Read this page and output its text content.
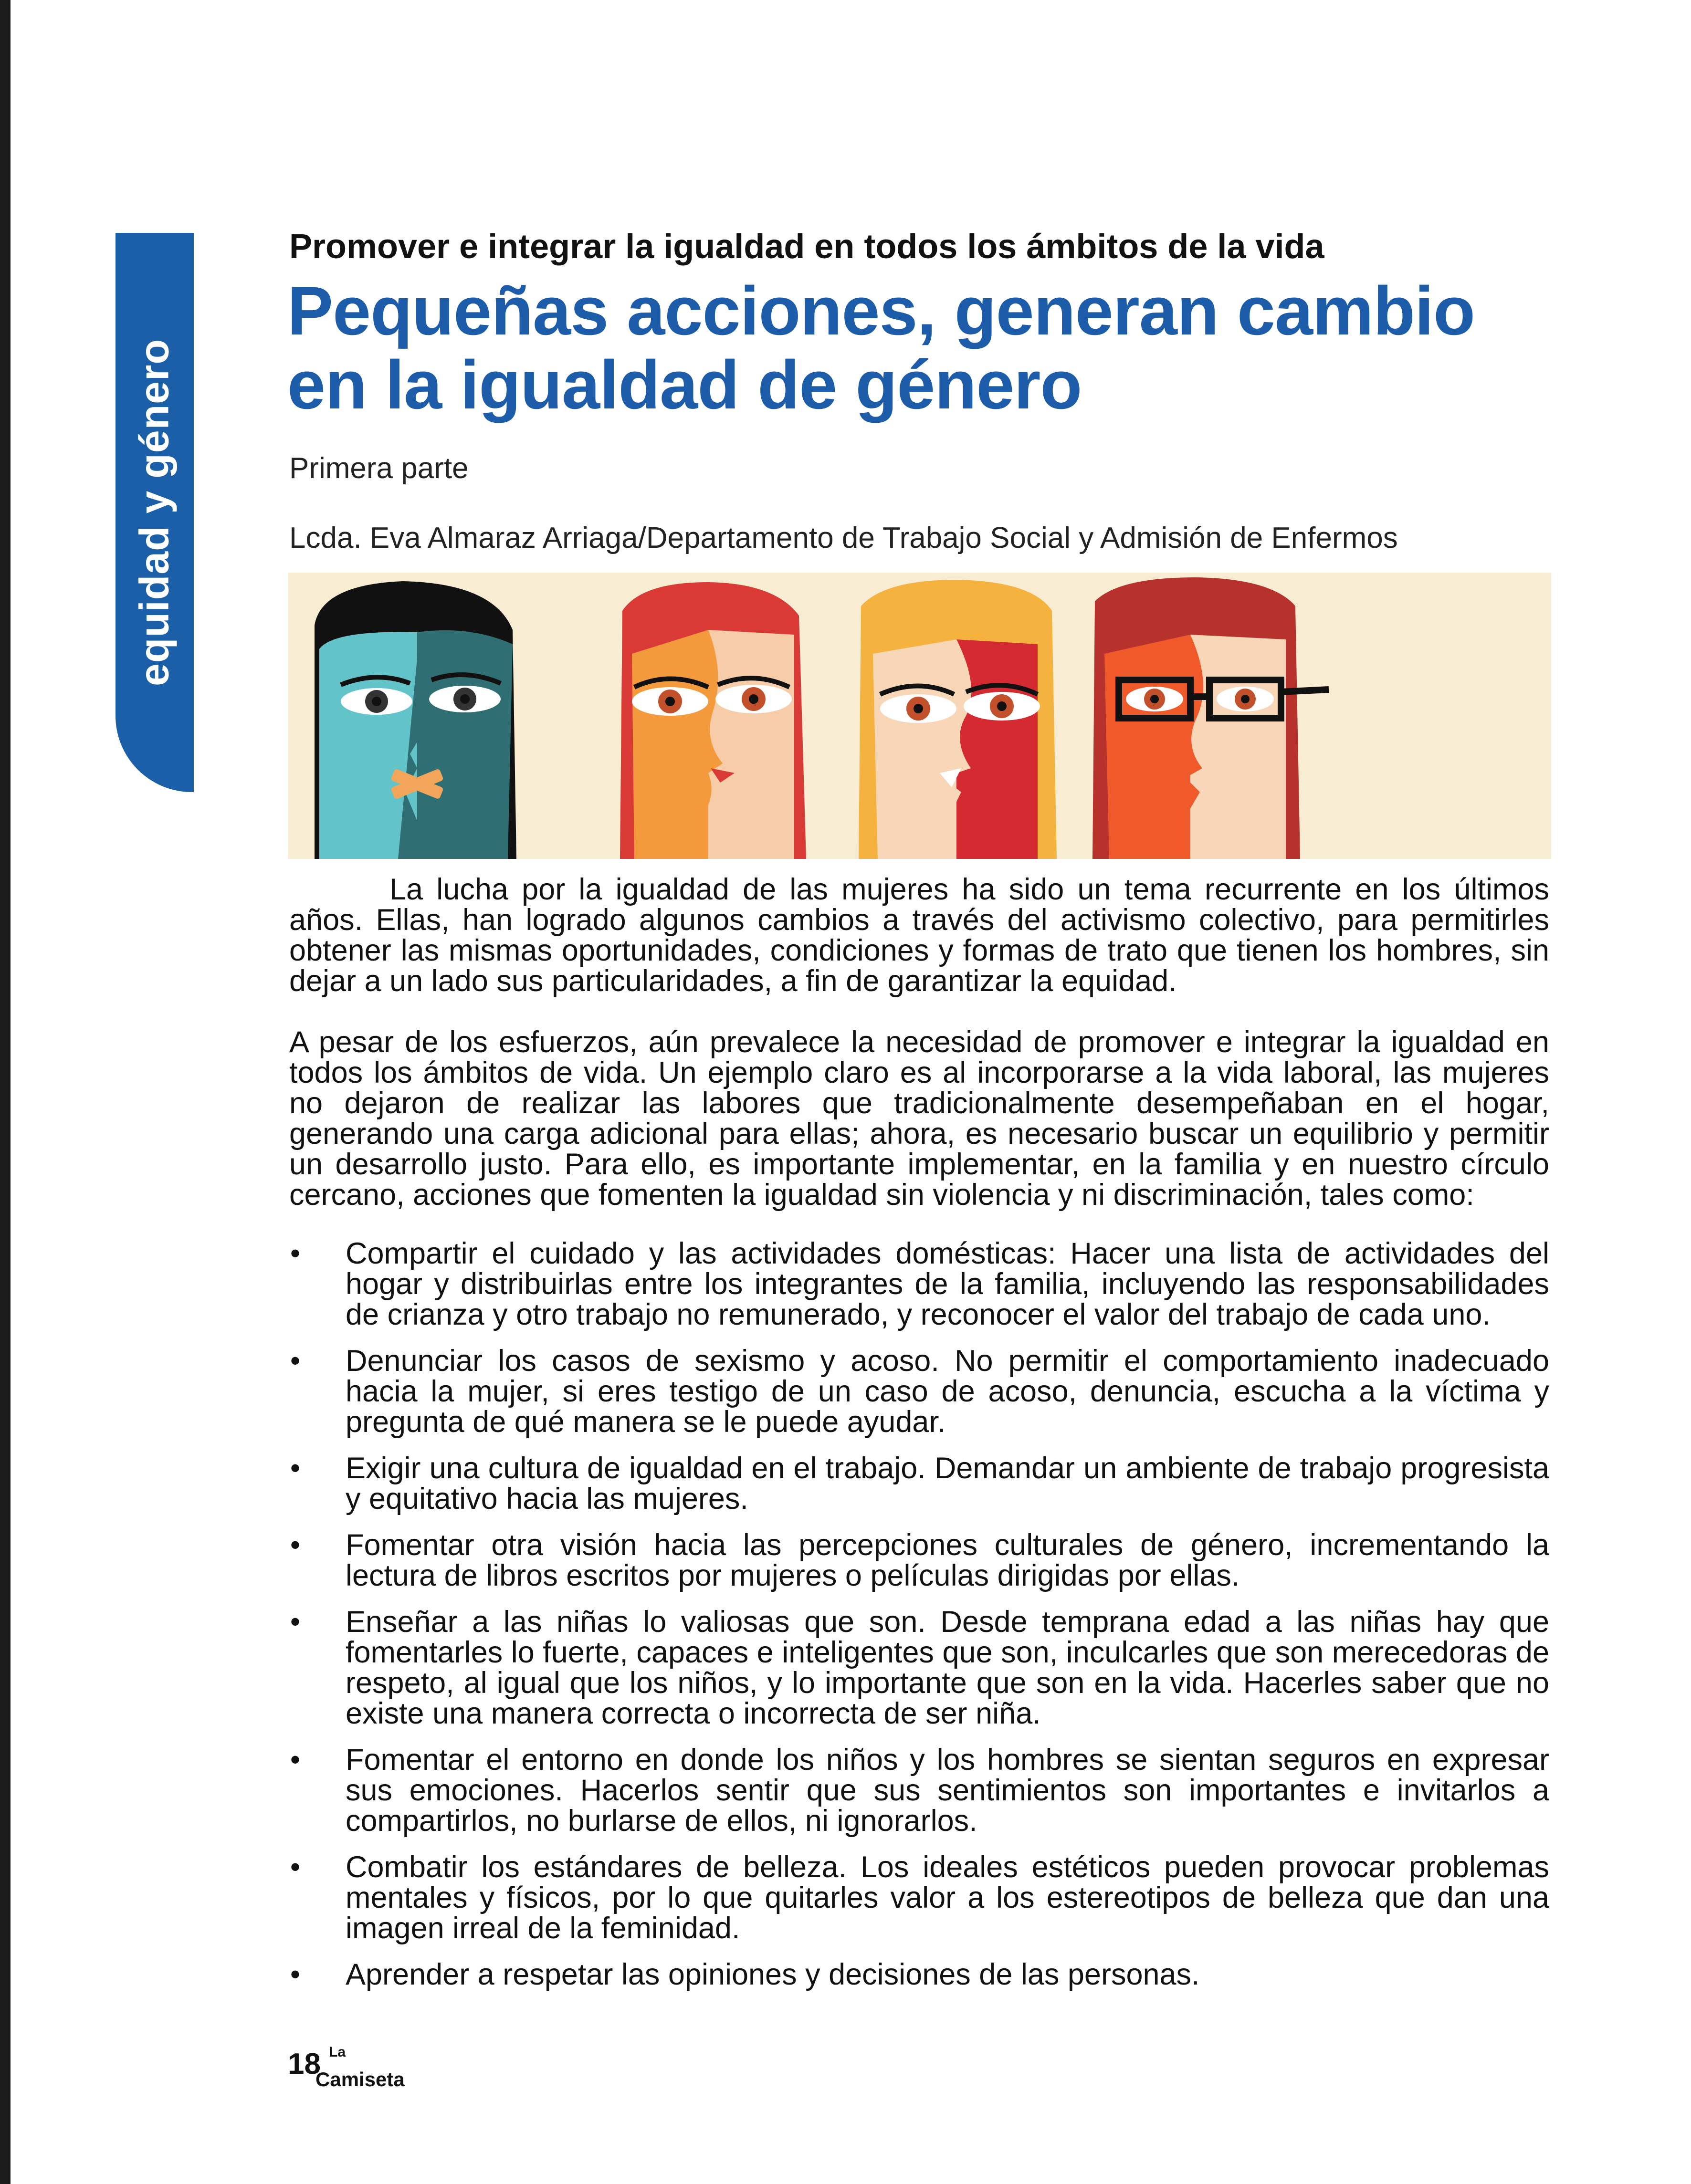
equidad y género
Promover e integrar la igualdad en todos los ámbitos de la vida
Pequeñas acciones, generan cambio
en la igualdad de género
Primera parte
Lcda. Eva Almaraz Arriaga/Departamento de Trabajo Social y Admisión de Enfermos

La lucha por la igualdad de las mujeres ha sido un tema recurrente en los últimos años. Ellas, han logrado algunos cambios a través del activismo colectivo, para permitirles obtener las mismas oportunidades, condiciones y formas de trato que tienen los hombres, sin dejar a un lado sus particularidades, a fin de garantizar la equidad.

A pesar de los esfuerzos, aún prevalece la necesidad de promover e integrar la igualdad en todos los ámbitos de vida. Un ejemplo claro es al incorporarse a la vida laboral, las mujeres no dejaron de realizar las labores que tradicionalmente desempeñaban en el hogar, generando una carga adicional para ellas; ahora, es necesario buscar un equilibrio y permitir un desarrollo justo. Para ello, es importante implementar, en la familia y en nuestro círculo cercano, acciones que fomenten la igualdad sin violencia y ni discriminación, tales como:

• Compartir el cuidado y las actividades domésticas: Hacer una lista de actividades del hogar y distribuirlas entre los integrantes de la familia, incluyendo las responsabilidades de crianza y otro trabajo no remunerado, y reconocer el valor del trabajo de cada uno.
• Denunciar los casos de sexismo y acoso. No permitir el comportamiento inadecuado hacia la mujer, si eres testigo de un caso de acoso, denuncia, escucha a la víctima y pregunta de qué manera se le puede ayudar.
• Exigir una cultura de igualdad en el trabajo. Demandar un ambiente de trabajo progresista y equitativo hacia las mujeres.
• Fomentar otra visión hacia las percepciones culturales de género, incrementando la lectura de libros escritos por mujeres o películas dirigidas por ellas.
• Enseñar a las niñas lo valiosas que son. Desde temprana edad a las niñas hay que fomentarles lo fuerte, capaces e inteligentes que son, inculcarles que son merecedoras de respeto, al igual que los niños, y lo importante que son en la vida. Hacerles saber que no existe una manera correcta o incorrecta de ser niña.
• Fomentar el entorno en donde los niños y los hombres se sientan seguros en expresar sus emociones. Hacerlos sentir que sus sentimientos son importantes e invitarlos a compartirlos, no burlarse de ellos, ni ignorarlos.
• Combatir los estándares de belleza. Los ideales estéticos pueden provocar problemas mentales y físicos, por lo que quitarles valor a los estereotipos de belleza que dan una imagen irreal de la feminidad.
• Aprender a respetar las opiniones y decisiones de las personas.
18 La
Camiseta
